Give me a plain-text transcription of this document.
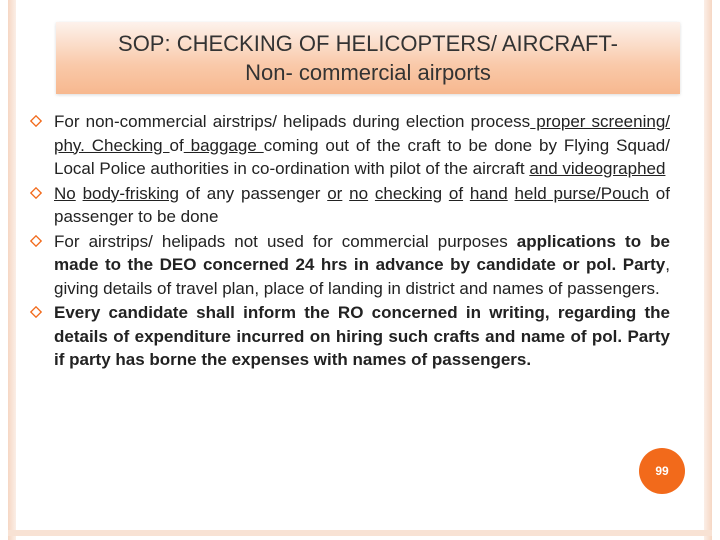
SOP: CHECKING OF HELICOPTERS/ AIRCRAFT-
Non- commercial airports
For non-commercial airstrips/ helipads during election process proper screening/ phy. Checking of baggage coming out of the craft to be done by Flying Squad/ Local Police authorities in co-ordination with pilot of the aircraft and videographed
No body-frisking of any passenger or no checking of hand held purse/Pouch of passenger to be done
For airstrips/ helipads not used for commercial purposes applications to be made to the DEO concerned 24 hrs in advance by candidate or pol. Party, giving details of travel plan, place of landing in district and names of passengers.
Every candidate shall inform the RO concerned in writing, regarding the details of expenditure incurred on hiring such crafts and name of pol. Party if party has borne the expenses with names of passengers.
99
